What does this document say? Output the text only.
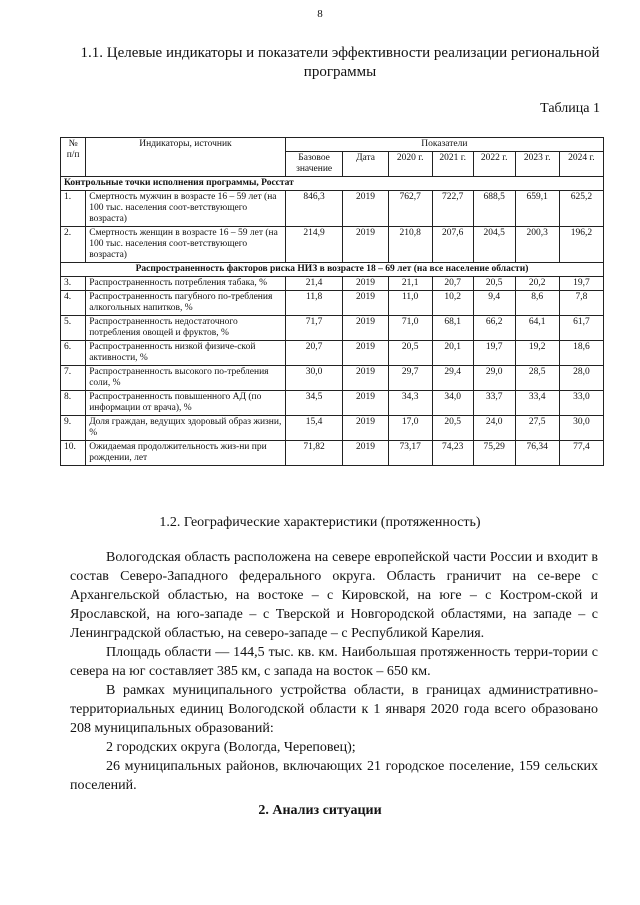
8
1.1. Целевые индикаторы и показатели эффективности реализации региональной программы
Таблица 1
№ п/п	Индикаторы, источник	Показатели						
		Базовое значение	Дата	2020 г.	2021 г.	2022 г.	2023 г.	2024 г.
Контрольные точки исполнения программы, Росстат								
1.	Смертность мужчин в возрасте 16 – 59 лет (на 100 тыс. населения соот-ветствующего возраста)	846,3	2019	762,7	722,7	688,5	659,1	625,2
2.	Смертность женщин в возрасте 16 – 59 лет (на 100 тыс. населения соот-ветствующего возраста)	214,9	2019	210,8	207,6	204,5	200,3	196,2
Распространенность факторов риска НИЗ в возрасте 18 – 69 лет (на все население области)								
3.	Распространенность потребления табака, %	21,4	2019	21,1	20,7	20,5	20,2	19,7
4.	Распространенность пагубного по-требления алкогольных напитков, %	11,8	2019	11,0	10,2	9,4	8,6	7,8
5.	Распространенность недостаточного потребления овощей и фруктов, %	71,7	2019	71,0	68,1	66,2	64,1	61,7
6.	Распространенность низкой физиче-ской активности, %	20,7	2019	20,5	20,1	19,7	19,2	18,6
7.	Распространенность высокого по-требления соли, %	30,0	2019	29,7	29,4	29,0	28,5	28,0
8.	Распространенность повышенного АД (по информации от врача), %	34,5	2019	34,3	34,0	33,7	33,4	33,0
9.	Доля граждан, ведущих здоровый образ жизни, %	15,4	2019	17,0	20,5	24,0	27,5	30,0
10.	Ожидаемая продолжительность жиз-ни при рождении, лет	71,82	2019	73,17	74,23	75,29	76,34	77,4
1.2. Географические характеристики (протяженность)

Вологодская область расположена на севере европейской части России и входит в состав Северо-Западного федерального округа. Область граничит на се-вере с Архангельской областью, на востоке – с Кировской, на юге – с Костром-ской и Ярославской, на юго-западе – с Тверской и Новгородской областями, на западе – с Ленинградской областью, на северо-западе – с Республикой Карелия.

Площадь области — 144,5 тыс. кв. км. Наибольшая протяженность терри-тории с севера на юг составляет 385 км, с запада на восток – 650 км.

В рамках муниципального устройства области, в границах административно-территориальных единиц Вологодской области к 1 января 2020 года всего образовано 208 муниципальных образований:

2 городских округа (Вологда, Череповец);

26 муниципальных районов, включающих 21 городское поселение, 159 сельских поселений.

2. Анализ ситуации
